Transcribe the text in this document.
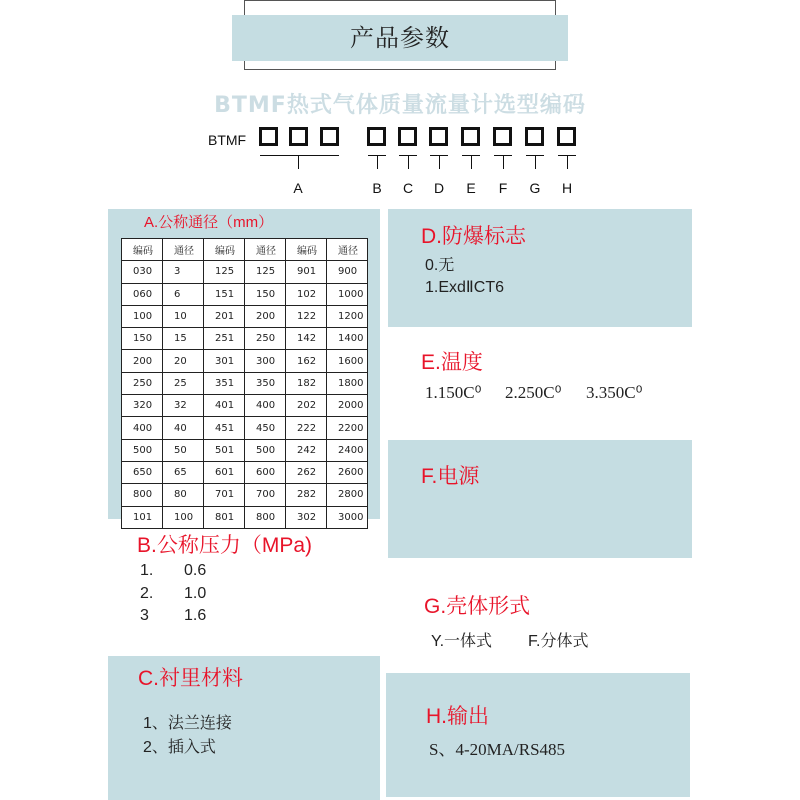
产品参数
BTMF热式气体质量流量计选型编码
BTMF
A	B	C	D	E	F	G	H
A.公称通径（mm）
编码	通径	编码	通径	编码	通径
030	3	125	125	901	900
060	6	151	150	102	1000
100	10	201	200	122	1200
150	15	251	250	142	1400
200	20	301	300	162	1600
250	25	351	350	182	1800
320	32	401	400	202	2000
400	40	451	450	222	2200
500	50	501	500	242	2400
650	65	601	600	262	2600
800	80	701	700	282	2800
101	100	801	800	302	3000
B.公称压力（MPa)
1. 0.6
2. 1.0
3 1.6
C.衬里材料
1、法兰连接
2、插入式
D.防爆标志
0.无
1.ExdⅡCT6
E.温度
1.150C⁰ 2.250C⁰ 3.350C⁰
F.电源
G.壳体形式
Y.一体式 F.分体式
H.输出
S、4-20MA/RS485
